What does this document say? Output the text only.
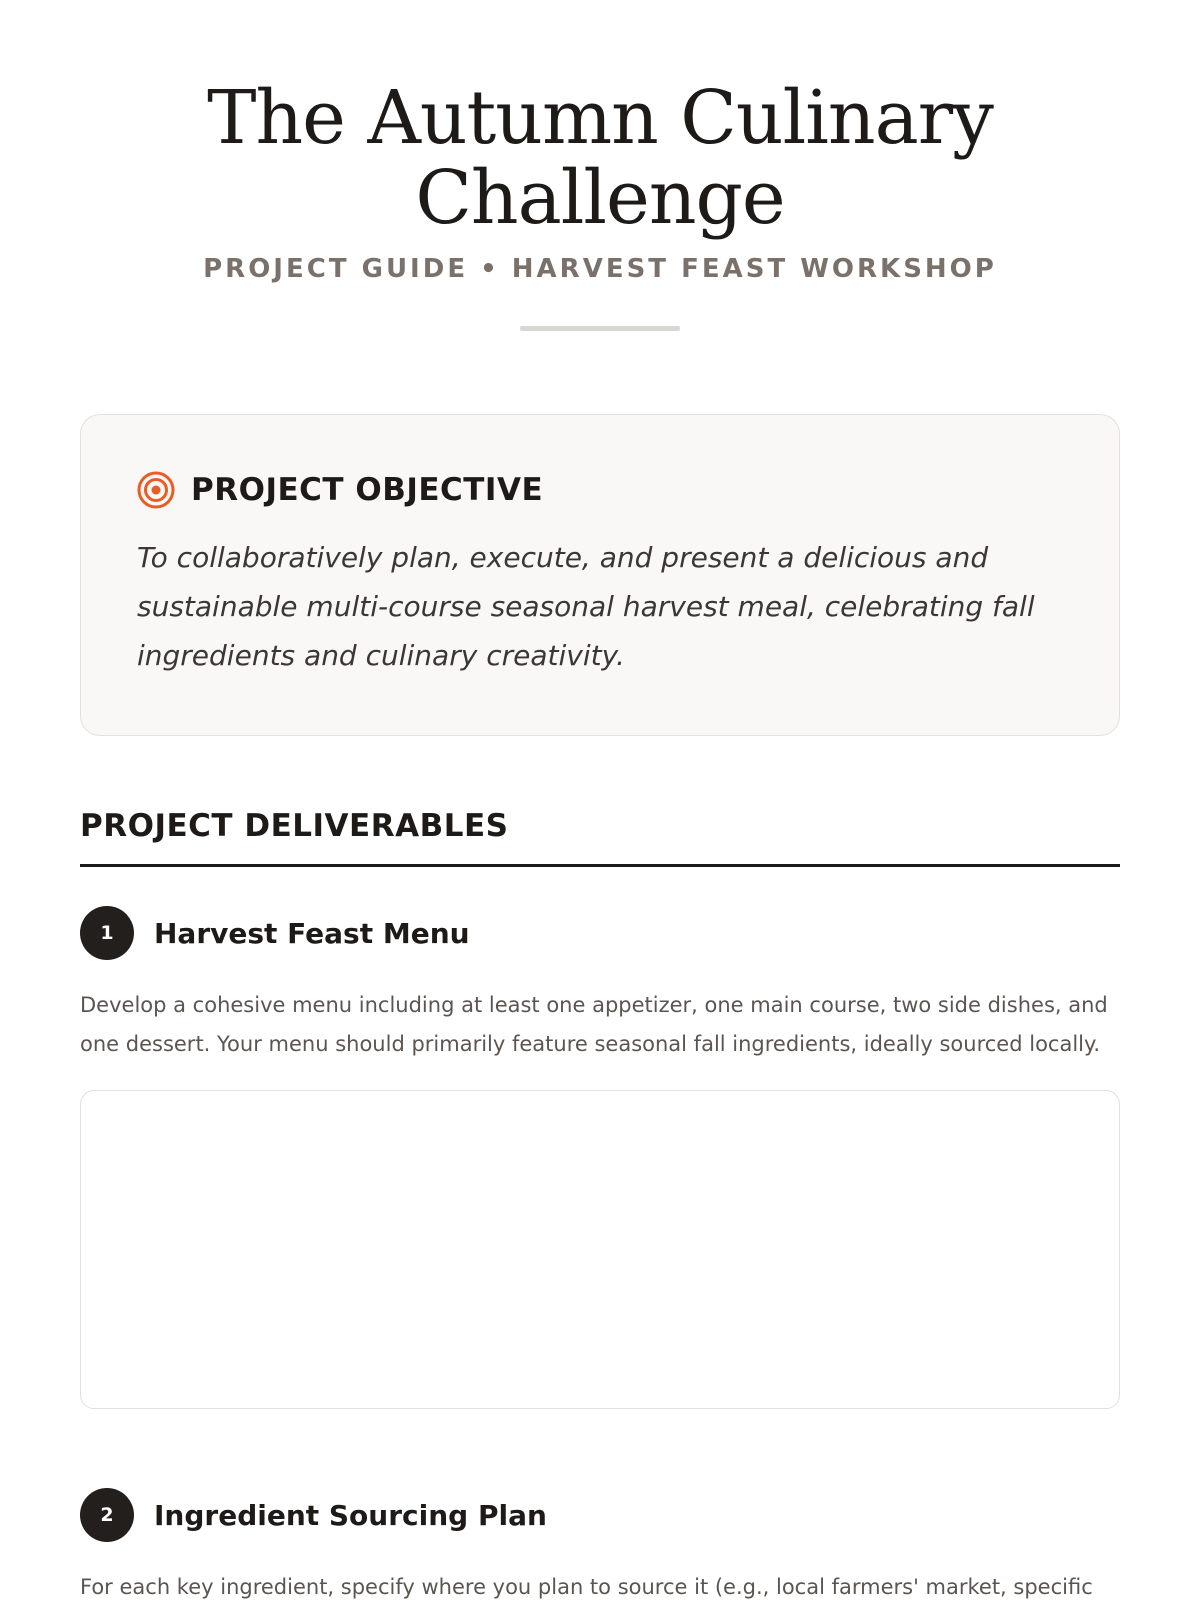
The Autumn Culinary Challenge
PROJECT GUIDE • HARVEST FEAST WORKSHOP
PROJECT OBJECTIVE

To collaboratively plan, execute, and present a delicious and sustainable multi-course seasonal harvest meal, celebrating fall ingredients and culinary creativity.

PROJECT DELIVERABLES
1	Harvest Feast Menu

Develop a cohesive menu including at least one appetizer, one main course, two side dishes, and one dessert. Your menu should primarily feature seasonal fall ingredients, ideally sourced locally.

2	Ingredient Sourcing Plan

For each key ingredient, specify where you plan to source it (e.g., local farmers' market, specific
